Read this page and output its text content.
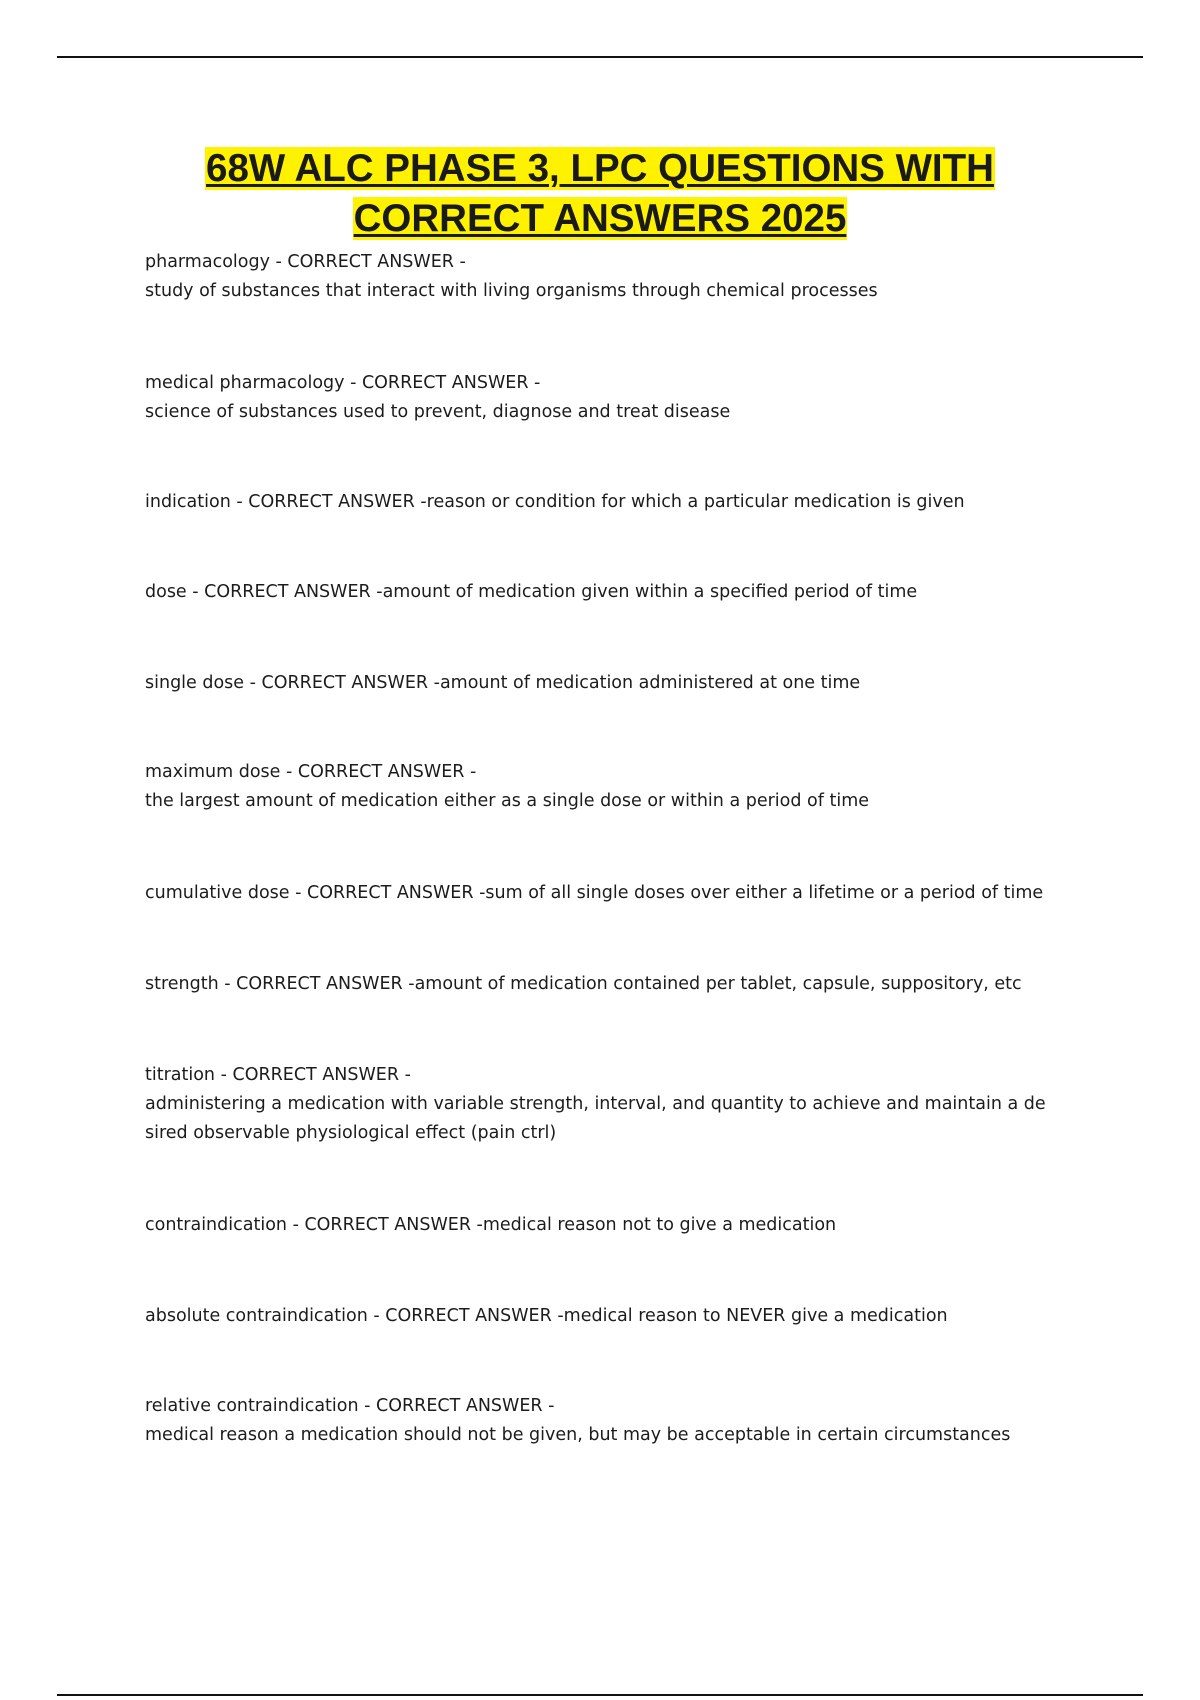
68W ALC PHASE 3, LPC QUESTIONS WITH
CORRECT ANSWERS 2025
pharmacology - CORRECT ANSWER -
study of substances that interact with living organisms through chemical processes
medical pharmacology - CORRECT ANSWER -
science of substances used to prevent, diagnose and treat disease
indication - CORRECT ANSWER -reason or condition for which a particular medication is given
dose - CORRECT ANSWER -amount of medication given within a specified period of time
single dose - CORRECT ANSWER -amount of medication administered at one time
maximum dose - CORRECT ANSWER -
the largest amount of medication either as a single dose or within a period of time
cumulative dose - CORRECT ANSWER -sum of all single doses over either a lifetime or a period of time
strength - CORRECT ANSWER -amount of medication contained per tablet, capsule, suppository, etc
titration - CORRECT ANSWER -
administering a medication with variable strength, interval, and quantity to achieve and maintain a de
sired observable physiological effect (pain ctrl)
contraindication - CORRECT ANSWER -medical reason not to give a medication
absolute contraindication - CORRECT ANSWER -medical reason to NEVER give a medication
relative contraindication - CORRECT ANSWER -
medical reason a medication should not be given, but may be acceptable in certain circumstances
